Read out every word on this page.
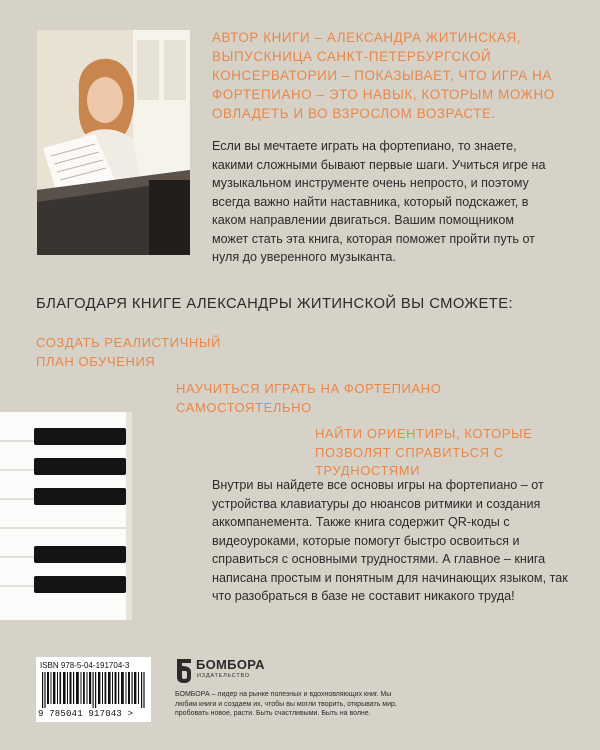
АВТОР КНИГИ – АЛЕКСАНДРА ЖИТИНСКАЯ, ВЫПУСКНИЦА САНКТ-ПЕТЕРБУРГСКОЙ КОНСЕРВАТОРИИ – ПОКАЗЫВАЕТ, ЧТО ИГРА НА ФОРТЕПИАНО – ЭТО НАВЫК, КОТОРЫМ МОЖНО ОВЛАДЕТЬ И ВО ВЗРОСЛОМ ВОЗРАСТЕ.

Если вы мечтаете играть на фортепиано, то знаете, какими сложными бывают первые шаги. Учиться игре на музыкальном инструменте очень непросто, и поэтому всегда важно найти наставника, который подскажет, в каком направлении двигаться. Вашим помощником может стать эта книга, которая поможет пройти путь от нуля до уверенного музыканта.

БЛАГОДАРЯ КНИГЕ АЛЕКСАНДРЫ ЖИТИНСКОЙ ВЫ СМОЖЕТЕ:

СОЗДАТЬ РЕАЛИСТИЧНЫЙ ПЛАН ОБУЧЕНИЯ

НАУЧИТЬСЯ ИГРАТЬ НА ФОРТЕПИАНО САМОСТОЯТЕЛЬНО

НАЙТИ ОРИЕНТИРЫ, КОТОРЫЕ ПОЗВОЛЯТ СПРАВИТЬСЯ С ТРУДНОСТЯМИ

Внутри вы найдете все основы игры на фортепиано – от устройства клавиатуры до нюансов ритмики и создания аккомпанемента. Также книга содержит QR-коды с видеоуроками, которые помогут быстро освоиться и справиться с основными трудностями. А главное – книга написана простым и понятным для начинающих языком, так что разобраться в базе не составит никакого труда!

ISBN 978-5-04-191704-3

9 785041 917043 >

БОМБОРА

ИЗДАТЕЛЬСТВО

БОМБОРА – лидер на рынке полезных и вдохновляющих книг. Мы любим книги и создаем их, чтобы вы могли творить, открывать мир, пробовать новое, расти. Быть счастливыми. Быть на волне.
